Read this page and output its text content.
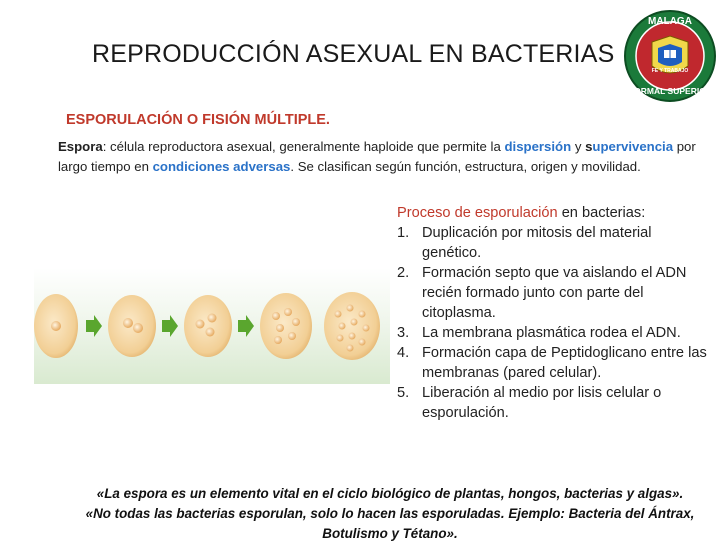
REPRODUCCIÓN ASEXUAL EN BACTERIAS
MALAGA
FE Y TRABAJO
NORMAL SUPERIOR
ESPORULACIÓN O FISIÓN MÚLTIPLE.
Espora: célula reproductora asexual, generalmente haploide que permite la dispersión y supervivencia por largo tiempo en condiciones adversas. Se clasifican según función, estructura, origen y movilidad.
Proceso de esporulación en bacterias:
1. Duplicación por mitosis del material genético.
2. Formación septo que va aislando el ADN recién formado junto con parte del citoplasma.
3. La membrana plasmática rodea el ADN.
4. Formación capa de Peptidoglicano entre las membranas (pared celular).
5. Liberación al medio por lisis celular o esporulación.
«La espora es un elemento vital en el ciclo biológico de plantas, hongos, bacterias y algas».
«No todas las bacterias esporulan, solo lo hacen las esporuladas. Ejemplo: Bacteria del Ántrax, Botulismo y Tétano».
